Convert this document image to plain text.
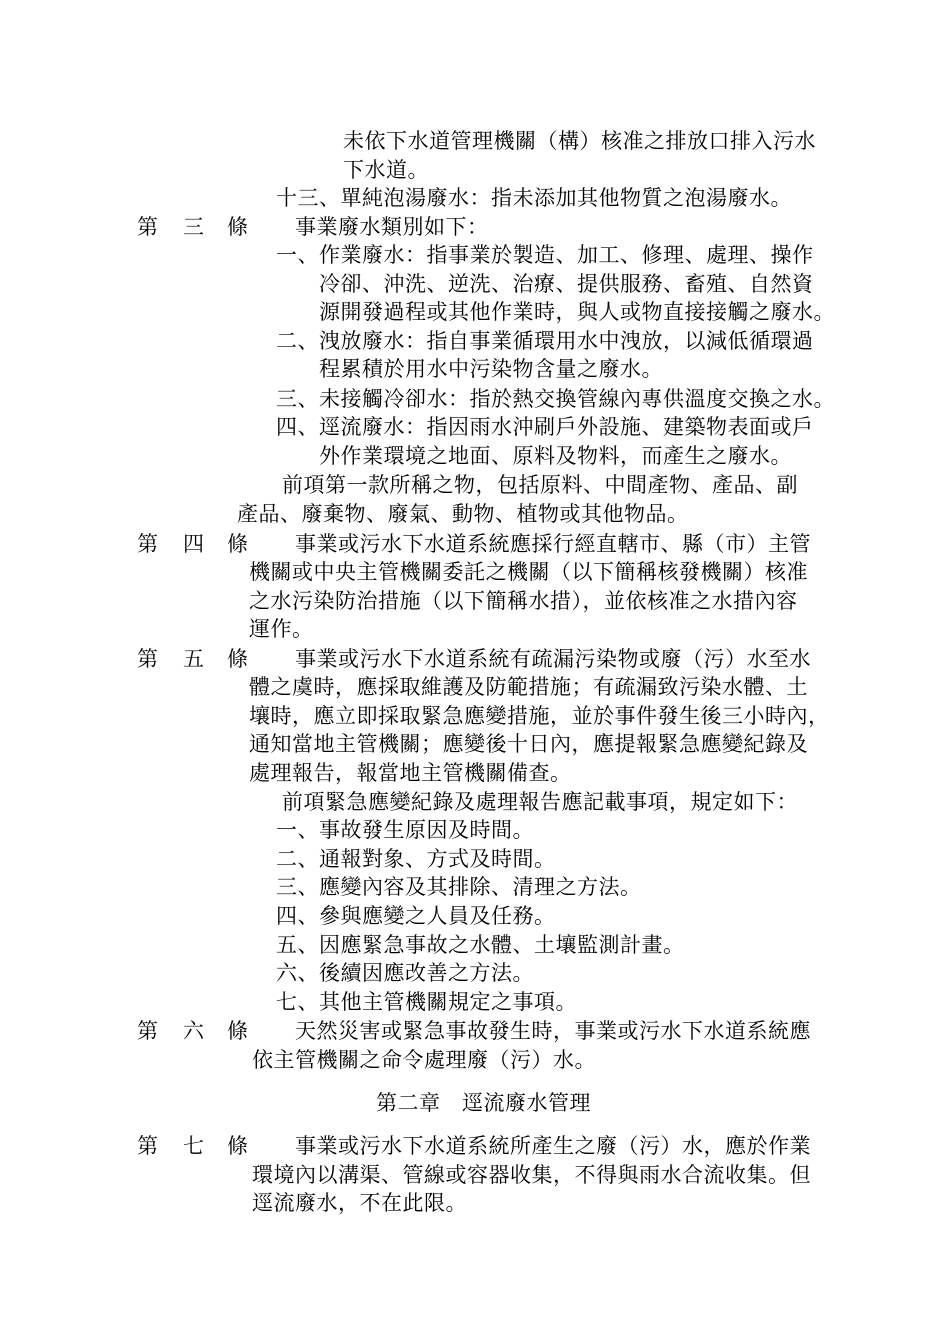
未依下水道管理機關（構）核准之排放口排入污水
下水道。
十三、單純泡湯廢水：指未添加其他物質之泡湯廢水。
第 三 條 事業廢水類別如下：
一、作業廢水：指事業於製造、加工、修理、處理、操作
冷卻、沖洗、逆洗、治療、提供服務、畜殖、自然資
源開發過程或其他作業時，與人或物直接接觸之廢水。
二、洩放廢水：指自事業循環用水中洩放，以減低循環過
程累積於用水中污染物含量之廢水。
三、未接觸冷卻水：指於熱交換管線內專供溫度交換之水。
四、逕流廢水：指因雨水沖刷戶外設施、建築物表面或戶
外作業環境之地面、原料及物料，而產生之廢水。
前項第一款所稱之物，包括原料、中間產物、產品、副
產品、廢棄物、廢氣、動物、植物或其他物品。
第 四 條 事業或污水下水道系統應採行經直轄市、縣（市）主管
機關或中央主管機關委託之機關（以下簡稱核發機關）核准
之水污染防治措施（以下簡稱水措），並依核准之水措內容
運作。
第 五 條 事業或污水下水道系統有疏漏污染物或廢（污）水至水
體之虞時，應採取維護及防範措施；有疏漏致污染水體、土
壤時，應立即採取緊急應變措施，並於事件發生後三小時內，
通知當地主管機關；應變後十日內，應提報緊急應變紀錄及
處理報告，報當地主管機關備查。
前項緊急應變紀錄及處理報告應記載事項，規定如下：
一、事故發生原因及時間。
二、通報對象、方式及時間。
三、應變內容及其排除、清理之方法。
四、參與應變之人員及任務。
五、因應緊急事故之水體、土壤監測計畫。
六、後續因應改善之方法。
七、其他主管機關規定之事項。
第 六 條 天然災害或緊急事故發生時，事業或污水下水道系統應
依主管機關之命令處理廢（污）水。
第二章　逕流廢水管理
第 七 條 事業或污水下水道系統所產生之廢（污）水，應於作業
環境內以溝渠、管線或容器收集，不得與雨水合流收集。但
逕流廢水，不在此限。
